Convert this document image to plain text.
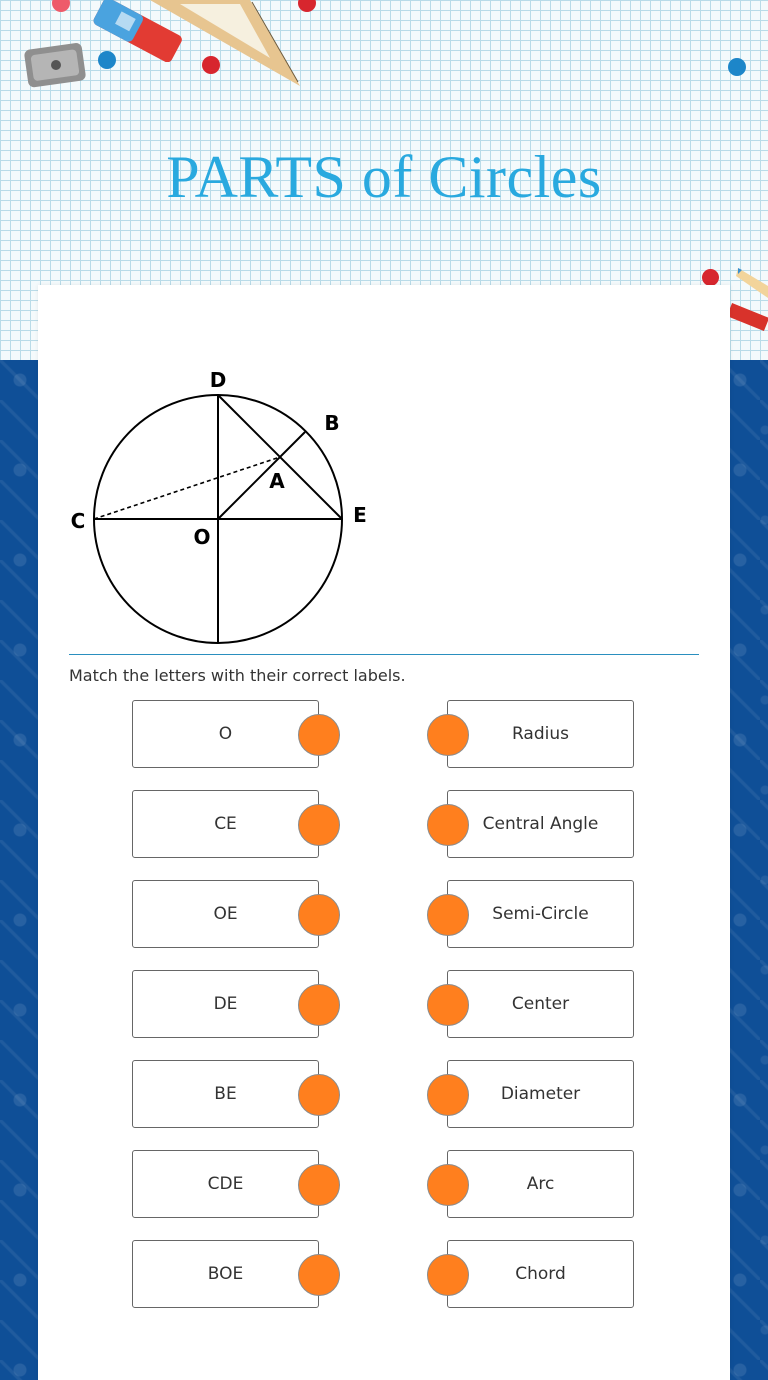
PARTS of Circles
D
B
A
C
O
E
Match the letters with their correct labels.
O
CE
OE
DE
BE
CDE
BOE
Radius
Central Angle
Semi-Circle
Center
Diameter
Arc
Chord
